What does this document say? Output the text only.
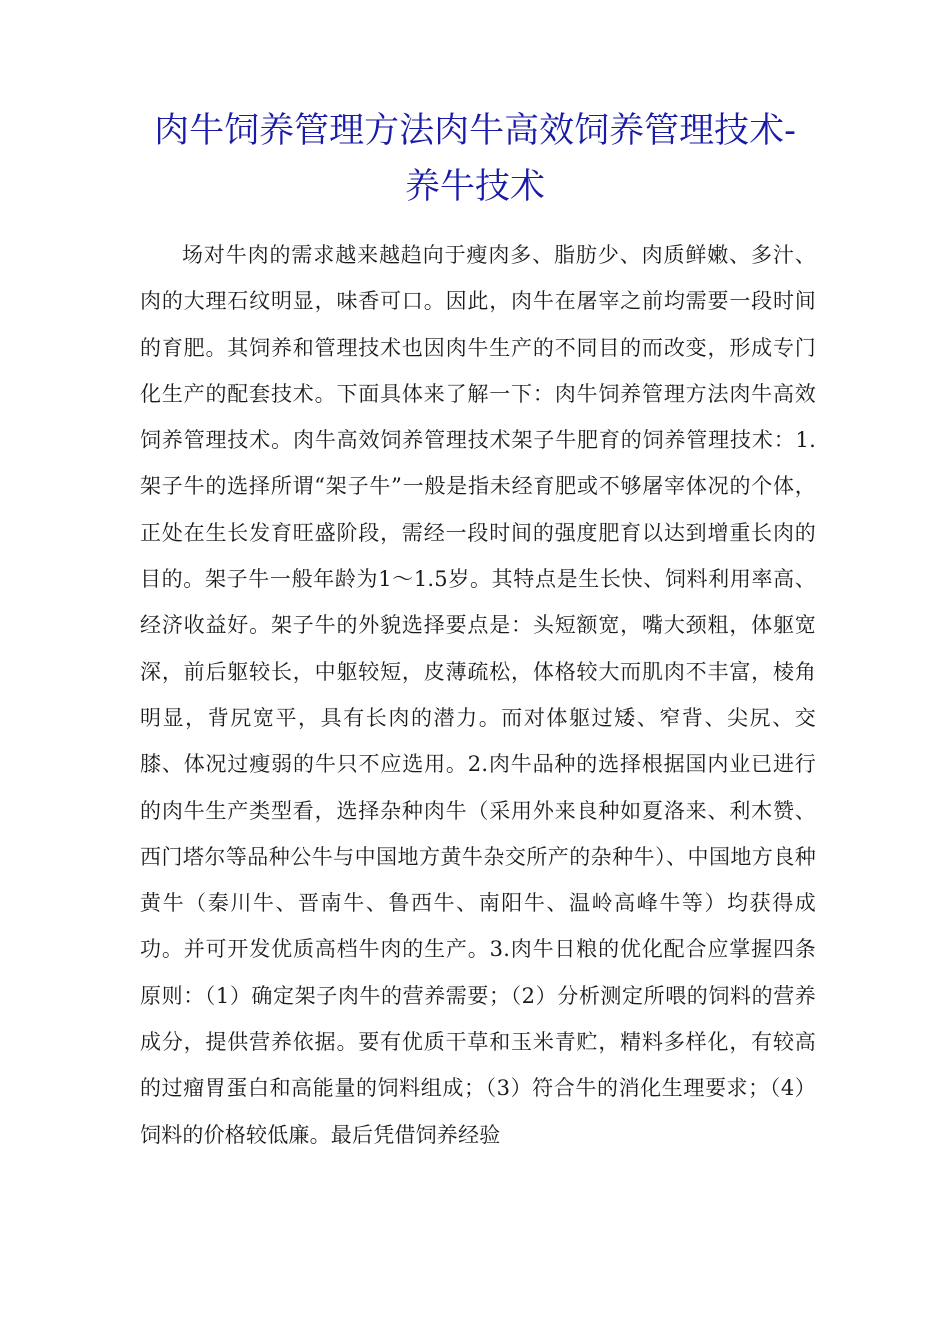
肉牛饲养管理方法肉牛高效饲养管理技术-养牛技术

场对牛肉的需求越来越趋向于瘦肉多、脂肪少、肉质鲜嫩、多汁、肉的大理石纹明显，味香可口。因此，肉牛在屠宰之前均需要一段时间的育肥。其饲养和管理技术也因肉牛生产的不同目的而改变，形成专门化生产的配套技术。下面具体来了解一下：肉牛饲养管理方法肉牛高效饲养管理技术。肉牛高效饲养管理技术架子牛肥育的饲养管理技术：1.架子牛的选择所谓“架子牛”一般是指未经育肥或不够屠宰体况的个体，正处在生长发育旺盛阶段，需经一段时间的强度肥育以达到增重长肉的目的。架子牛一般年龄为1～1.5岁。其特点是生长快、饲料利用率高、经济收益好。架子牛的外貌选择要点是：头短额宽，嘴大颈粗，体躯宽深，前后躯较长，中躯较短，皮薄疏松，体格较大而肌肉不丰富，棱角明显，背尻宽平，具有长肉的潜力。而对体躯过矮、窄背、尖尻、交膝、体况过瘦弱的牛只不应选用。2.肉牛品种的选择根据国内业已进行的肉牛生产类型看，选择杂种肉牛（采用外来良种如夏洛来、利木赞、西门塔尔等品种公牛与中国地方黄牛杂交所产的杂种牛）、中国地方良种黄牛（秦川牛、晋南牛、鲁西牛、南阳牛、温岭高峰牛等）均获得成功。并可开发优质高档牛肉的生产。3.肉牛日粮的优化配合应掌握四条原则：（1）确定架子肉牛的营养需要；（2）分析测定所喂的饲料的营养成分，提供营养依据。要有优质干草和玉米青贮，精料多样化，有较高的过瘤胃蛋白和高能量的饲料组成；（3）符合牛的消化生理要求；（4）饲料的价格较低廉。最后凭借饲养经验
